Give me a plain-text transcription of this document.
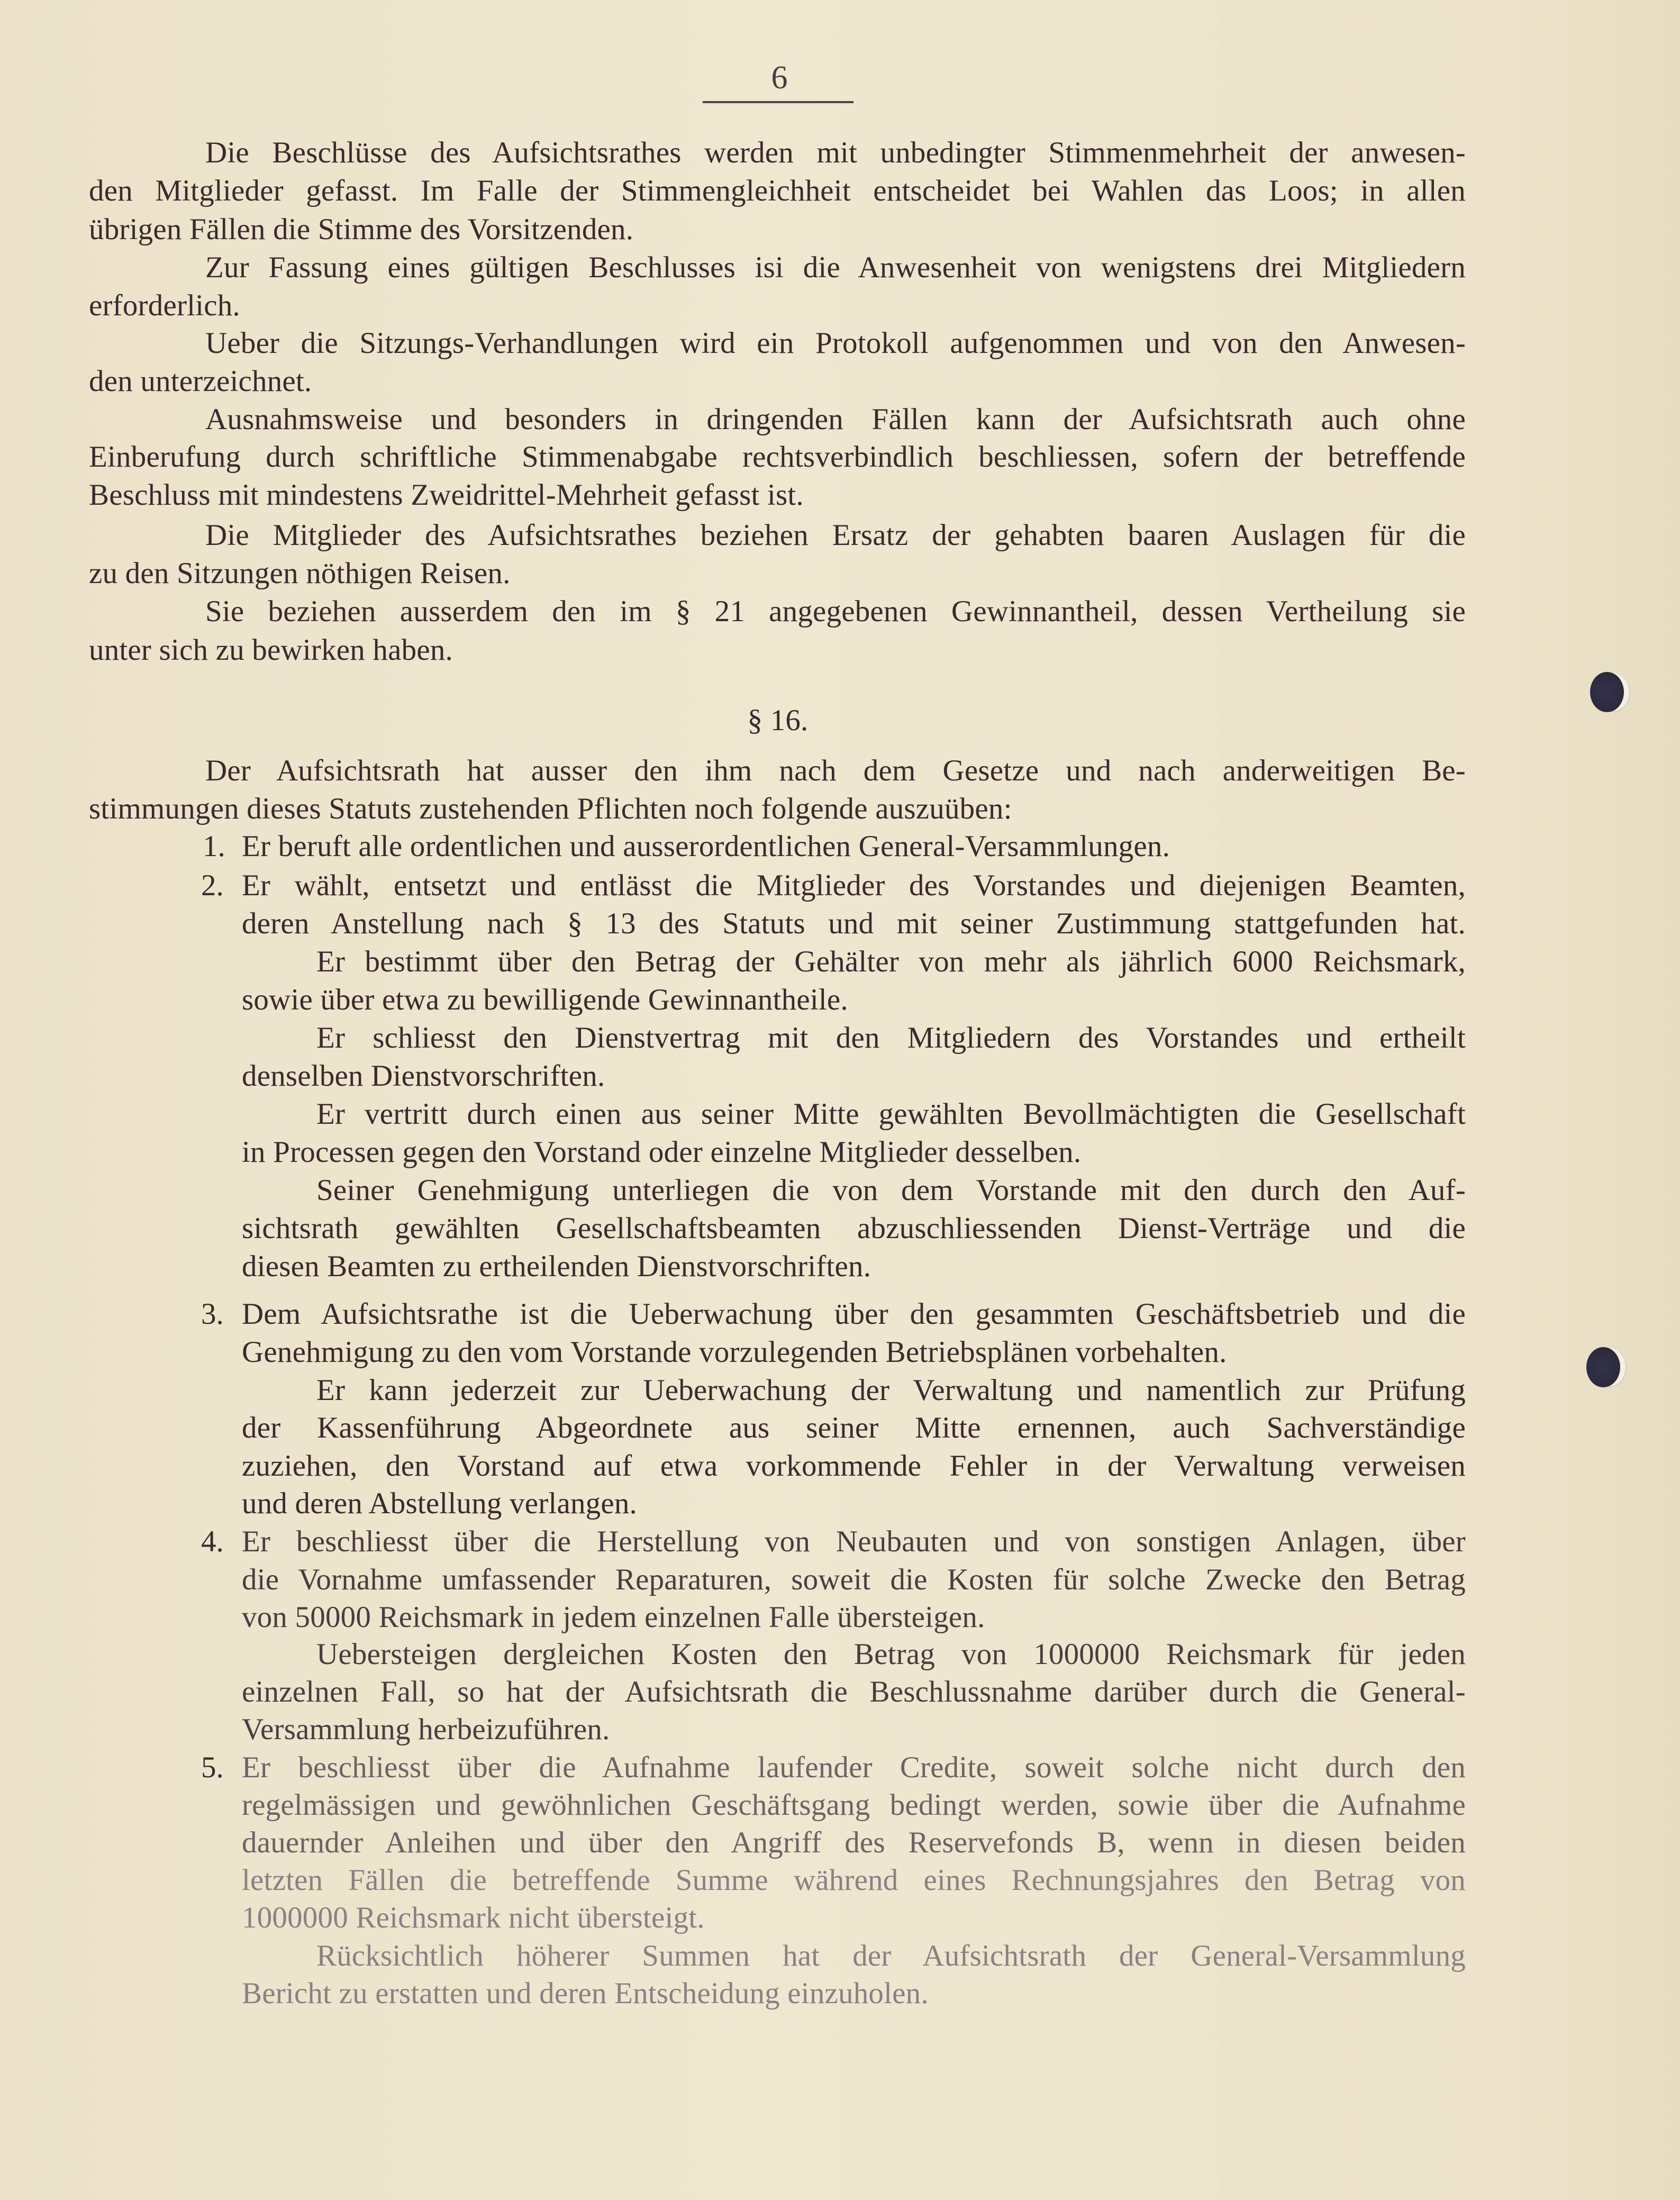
6
Die Beschlüsse des Aufsichtsrathes werden mit unbedingter Stimmenmehrheit der anwesen-
den Mitglieder gefasst. Im Falle der Stimmengleichheit entscheidet bei Wahlen das Loos; in allen
übrigen Fällen die Stimme des Vorsitzenden.
Zur Fassung eines gültigen Beschlusses isi die Anwesenheit von wenigstens drei Mitgliedern
erforderlich.
Ueber die Sitzungs-Verhandlungen wird ein Protokoll aufgenommen und von den Anwesen-
den unterzeichnet.
Ausnahmsweise und besonders in dringenden Fällen kann der Aufsichtsrath auch ohne
Einberufung durch schriftliche Stimmenabgabe rechtsverbindlich beschliessen, sofern der betreffende
Beschluss mit mindestens Zweidrittel-Mehrheit gefasst ist.
Die Mitglieder des Aufsichtsrathes beziehen Ersatz der gehabten baaren Auslagen für die
zu den Sitzungen nöthigen Reisen.
Sie beziehen ausserdem den im § 21 angegebenen Gewinnantheil, dessen Vertheilung sie
unter sich zu bewirken haben.
§ 16.
Der Aufsichtsrath hat ausser den ihm nach dem Gesetze und nach anderweitigen Be-
stimmungen dieses Statuts zustehenden Pflichten noch folgende auszuüben:
1.
2.
3.
4.
5.
Er beruft alle ordentlichen und ausserordentlichen General-Versammlungen.
Er wählt, entsetzt und entlässt die Mitglieder des Vorstandes und diejenigen Beamten,
deren Anstellung nach § 13 des Statuts und mit seiner Zustimmung stattgefunden hat.
Er bestimmt über den Betrag der Gehälter von mehr als jährlich 6000 Reichsmark,
sowie über etwa zu bewilligende Gewinnantheile.
Er schliesst den Dienstvertrag mit den Mitgliedern des Vorstandes und ertheilt
denselben Dienstvorschriften.
Er vertritt durch einen aus seiner Mitte gewählten Bevollmächtigten die Gesellschaft
in Processen gegen den Vorstand oder einzelne Mitglieder desselben.
Seiner Genehmigung unterliegen die von dem Vorstande mit den durch den Auf-
sichtsrath gewählten Gesellschaftsbeamten abzuschliessenden Dienst-Verträge und die
diesen Beamten zu ertheilenden Dienstvorschriften.
Dem Aufsichtsrathe ist die Ueberwachung über den gesammten Geschäftsbetrieb und die
Genehmigung zu den vom Vorstande vorzulegenden Betriebsplänen vorbehalten.
Er kann jederzeit zur Ueberwachung der Verwaltung und namentlich zur Prüfung
der Kassenführung Abgeordnete aus seiner Mitte ernennen, auch Sachverständige
zuziehen, den Vorstand auf etwa vorkommende Fehler in der Verwaltung verweisen
und deren Abstellung verlangen.
Er beschliesst über die Herstellung von Neubauten und von sonstigen Anlagen, über
die Vornahme umfassender Reparaturen, soweit die Kosten für solche Zwecke den Betrag
von 50000 Reichsmark in jedem einzelnen Falle übersteigen.
Uebersteigen dergleichen Kosten den Betrag von 1000000 Reichsmark für jeden
einzelnen Fall, so hat der Aufsichtsrath die Beschlussnahme darüber durch die General-
Versammlung herbeizuführen.
Er beschliesst über die Aufnahme laufender Credite, soweit solche nicht durch den
regelmässigen und gewöhnlichen Geschäftsgang bedingt werden, sowie über die Aufnahme
dauernder Anleihen und über den Angriff des Reservefonds B, wenn in diesen beiden
letzten Fällen die betreffende Summe während eines Rechnungsjahres den Betrag von
1000000 Reichsmark nicht übersteigt.
Rücksichtlich höherer Summen hat der Aufsichtsrath der General-Versammlung
Bericht zu erstatten und deren Entscheidung einzuholen.
